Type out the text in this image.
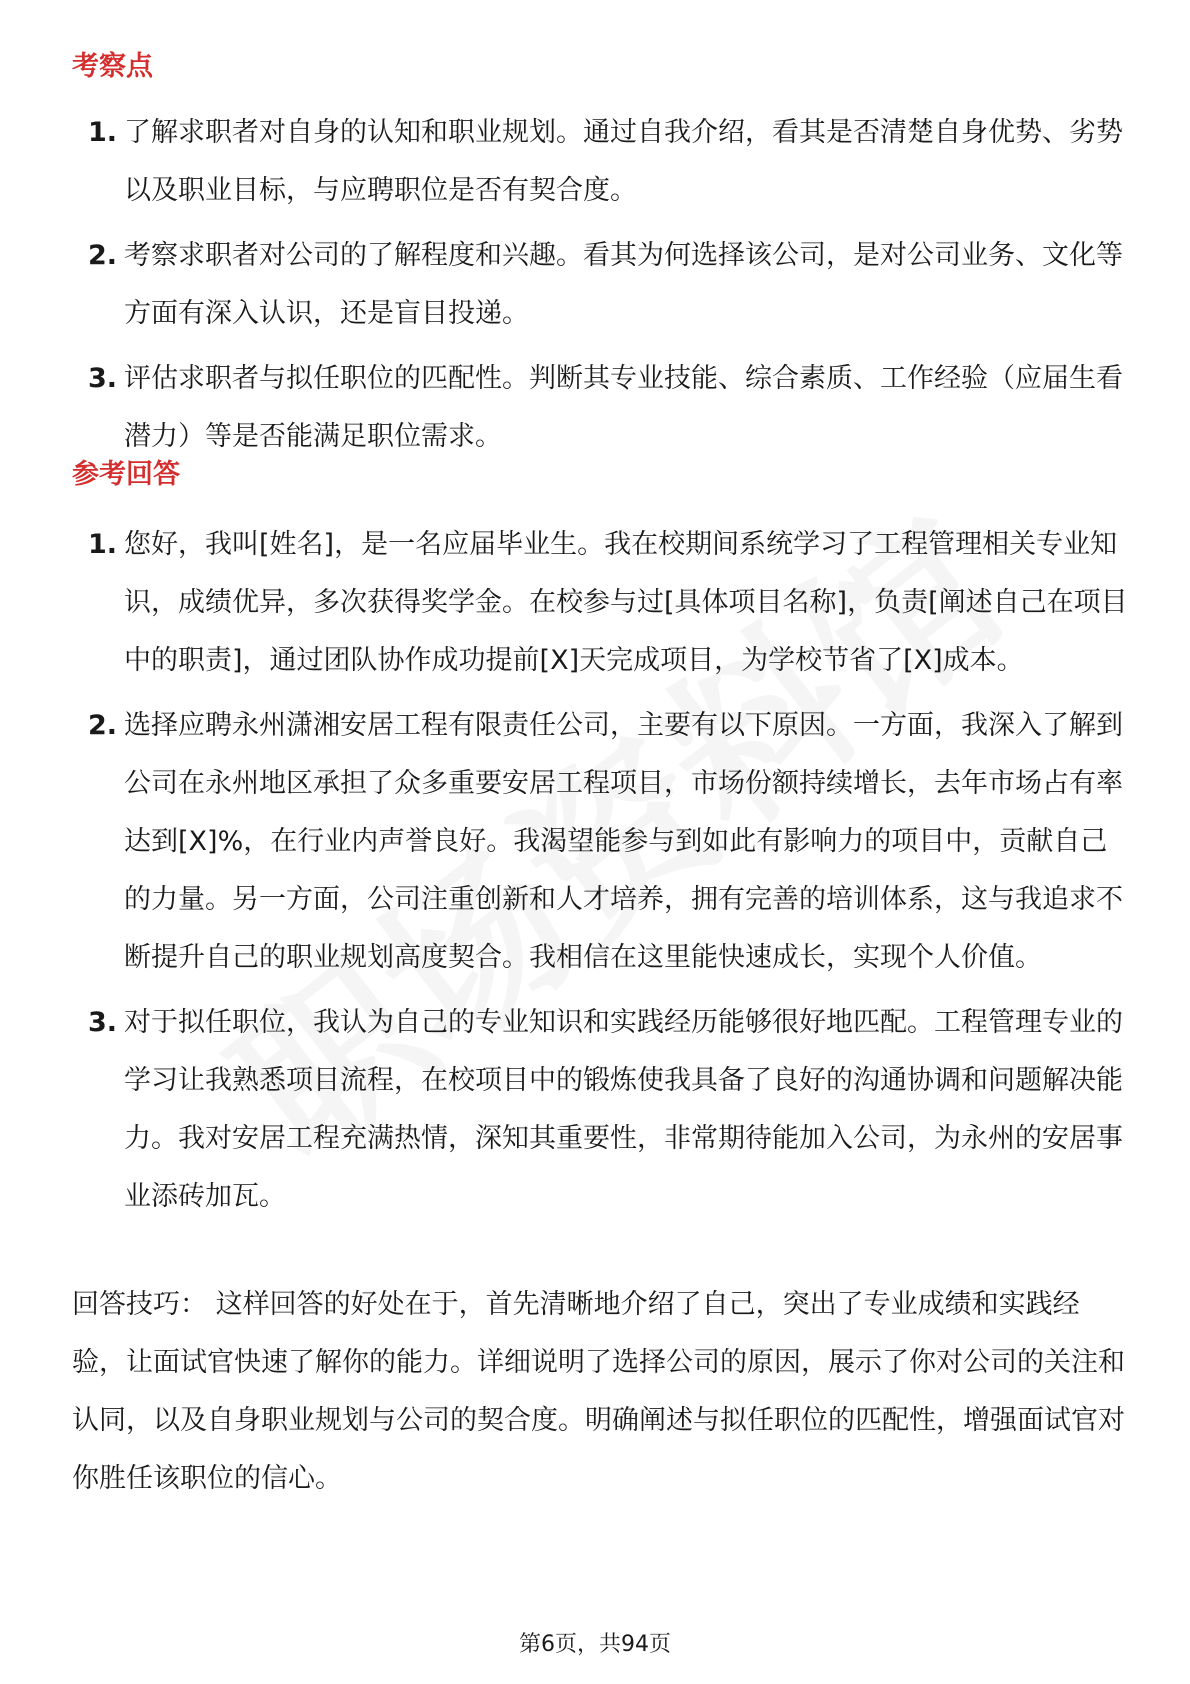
考察点
1. 了解求职者对自身的认知和职业规划。通过自我介绍，看其是否清楚自身优势、劣势以及职业目标，与应聘职位是否有契合度。
2. 考察求职者对公司的了解程度和兴趣。看其为何选择该公司，是对公司业务、文化等方面有深入认识，还是盲目投递。
3. 评估求职者与拟任职位的匹配性。判断其专业技能、综合素质、工作经验（应届生看潜力）等是否能满足职位需求。
参考回答
1. 您好，我叫[姓名]，是一名应届毕业生。我在校期间系统学习了工程管理相关专业知识，成绩优异，多次获得奖学金。在校参与过[具体项目名称]，负责[阐述自己在项目中的职责]，通过团队协作成功提前[X]天完成项目，为学校节省了[X]成本。
2. 选择应聘永州潇湘安居工程有限责任公司，主要有以下原因。一方面，我深入了解到公司在永州地区承担了众多重要安居工程项目，市场份额持续增长，去年市场占有率达到[X]%，在行业内声誉良好。我渴望能参与到如此有影响力的项目中，贡献自己的力量。另一方面，公司注重创新和人才培养，拥有完善的培训体系，这与我追求不断提升自己的职业规划高度契合。我相信在这里能快速成长，实现个人价值。
3. 对于拟任职位，我认为自己的专业知识和实践经历能够很好地匹配。工程管理专业的学习让我熟悉项目流程，在校项目中的锻炼使我具备了良好的沟通协调和问题解决能力。我对安居工程充满热情，深知其重要性，非常期待能加入公司，为永州的安居事业添砖加瓦。
回答技巧： 这样回答的好处在于，首先清晰地介绍了自己，突出了专业成绩和实践经验，让面试官快速了解你的能力。详细说明了选择公司的原因，展示了你对公司的关注和认同，以及自身职业规划与公司的契合度。明确阐述与拟任职位的匹配性，增强面试官对你胜任该职位的信心。
第6页，共94页
